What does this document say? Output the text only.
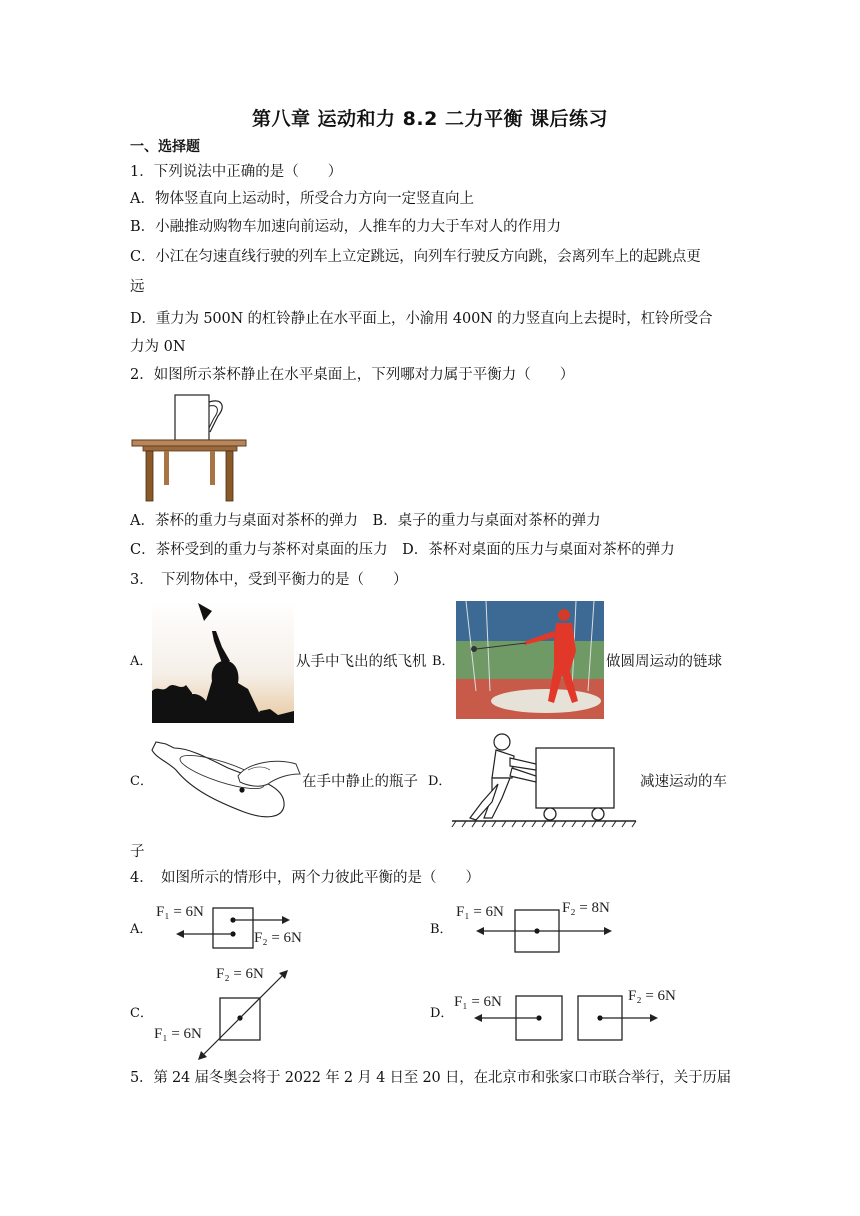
第八章 运动和力 8.2 二力平衡 课后练习
一、选择题
1．下列说法中正确的是（　　）
A．物体竖直向上运动时，所受合力方向一定竖直向上
B．小融推动购物车加速向前运动，人推车的力大于车对人的作用力
C．小江在匀速直线行驶的列车上立定跳远，向列车行驶反方向跳，会离列车上的起跳点更
远
D．重力为 500N 的杠铃静止在水平面上，小渝用 400N 的力竖直向上去提时，杠铃所受合
力为 0N
2．如图所示茶杯静止在水平桌面上，下列哪对力属于平衡力（　　）
A．茶杯的重力与桌面对茶杯的弹力　B．桌子的重力与桌面对茶杯的弹力
C．茶杯受到的重力与茶杯对桌面的压力　D．茶杯对桌面的压力与桌面对茶杯的弹力
3．　下列物体中，受到平衡力的是（　　）
A．	从手中飞出的纸飞机 B．	做圆周运动的链球
C．	在手中静止的瓶子 D．	减速运动的车
子
4．　如图所示的情形中，两个力彼此平衡的是（　　）
A．
F₁ = 6N
F₂ = 6N
B．
F₁ = 6N	F₂ = 8N
C．
F₂ = 6N
F₁ = 6N
D．
F₁ = 6N	F₂ = 6N
5．第 24 届冬奥会将于 2022 年 2 月 4 日至 20 日，在北京市和张家口市联合举行，关于历届
